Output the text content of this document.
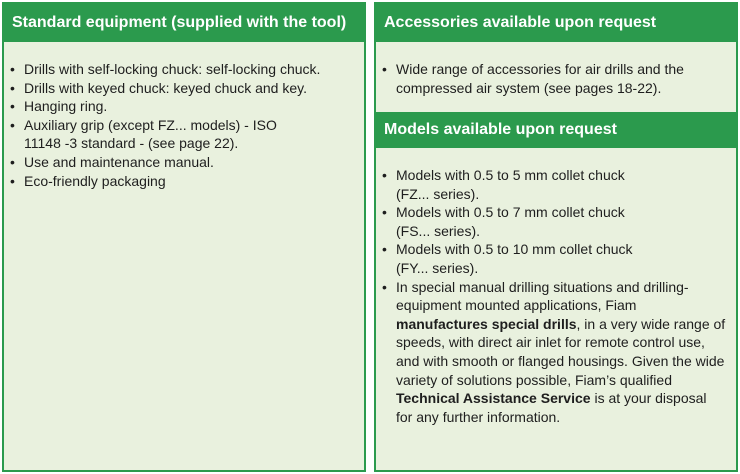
Standard equipment (supplied with the tool)
• Drills with self-locking chuck: self-locking chuck.
• Drills with keyed chuck: keyed chuck and key.
• Hanging ring.
• Auxiliary grip (except FZ... models) - ISO 11148 -3 standard - (see page 22).
• Use and maintenance manual.
• Eco-friendly packaging
Accessories available upon request
• Wide range of accessories for air drills and the compressed air system (see pages 18-22).
Models available upon request
• Models with 0.5 to 5 mm collet chuck (FZ... series).
• Models with 0.5 to 7 mm collet chuck (FS... series).
• Models with 0.5 to 10 mm collet chuck (FY... series).
• In special manual drilling situations and drilling-equipment mounted applications, Fiam manufactures special drills, in a very wide range of speeds, with direct air inlet for remote control use, and with smooth or flanged housings. Given the wide variety of solutions possible, Fiam’s qualified Technical Assistance Service is at your disposal for any further information.
